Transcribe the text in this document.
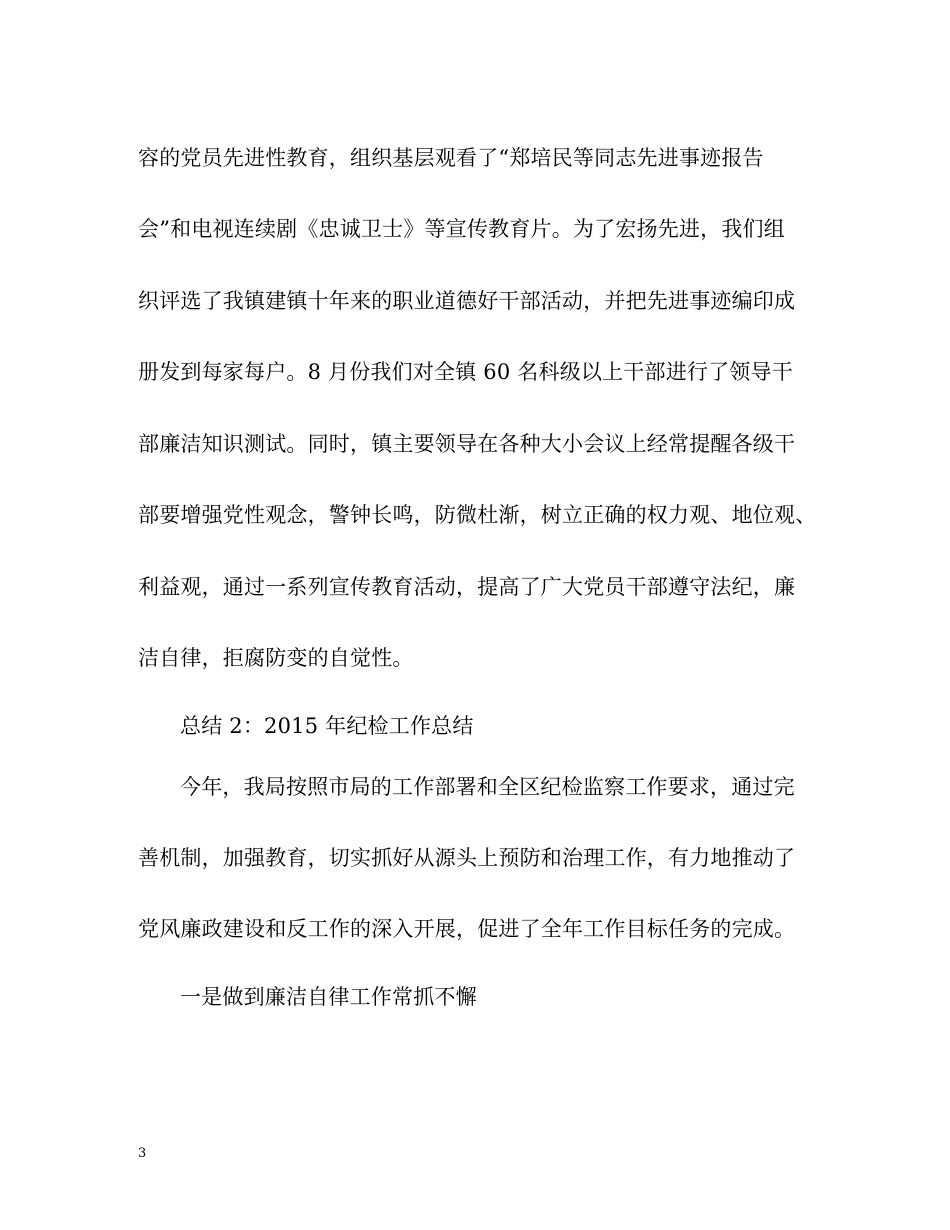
容的党员先进性教育，组织基层观看了“郑培民等同志先进事迹报告
会”和电视连续剧《忠诚卫士》等宣传教育片。为了宏扬先进，我们组
织评选了我镇建镇十年来的职业道德好干部活动，并把先进事迹编印成
册发到每家每户。8 月份我们对全镇 60 名科级以上干部进行了领导干
部廉洁知识测试。同时，镇主要领导在各种大小会议上经常提醒各级干
部要增强党性观念，警钟长鸣，防微杜渐，树立正确的权力观、地位观、
利益观，通过一系列宣传教育活动，提高了广大党员干部遵守法纪，廉
洁自律，拒腐防变的自觉性。
总结 2：2015 年纪检工作总结
今年，我局按照市局的工作部署和全区纪检监察工作要求，通过完
善机制，加强教育，切实抓好从源头上预防和治理工作，有力地推动了
党风廉政建设和反工作的深入开展，促进了全年工作目标任务的完成。
一是做到廉洁自律工作常抓不懈
3
